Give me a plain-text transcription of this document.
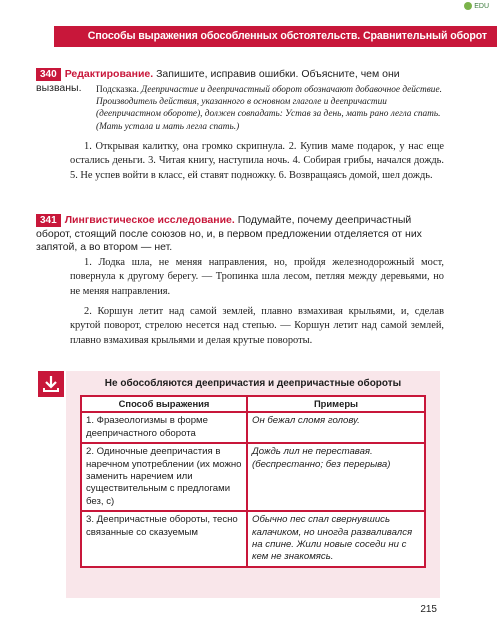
EDU
Способы выражения обособленных обстоятельств. Сравнительный оборот
340 Редактирование. Запишите, исправив ошибки. Объясните, чем они вызваны.	Подсказка. Деепричастие и деепричастный оборот обозначают добавочное действие. Производитель действия, указанного в основном глаголе и деепричастии (деепричастном обороте), должен совпадать: Устав за день, мать рано легла спать. (Мать устала и мать легла спать.)
1. Открывая калитку, она громко скрипнула. 2. Купив маме подарок, у нас еще остались деньги. 3. Читая книгу, наступила ночь. 4. Собирая грибы, начался дождь. 5. Не успев войти в класс, ей ставят подножку. 6. Возвращаясь домой, шел дождь.
341 Лингвистическое исследование. Подумайте, почему деепричастный оборот, стоящий после союзов но, и, в первом предложении отделяется от них запятой, а во втором — нет.
1. Лодка шла, не меняя направления, но, пройдя железнодорожный мост, повернула к другому берегу. — Тропинка шла лесом, петляя между деревьями, но не меняя направления.
2. Коршун летит над самой землей, плавно взмахивая крыльями, и, сделав крутой поворот, стрелою несется над степью. — Коршун летит над самой землей, плавно взмахивая крыльями и делая крутые повороты.
Не обособляются деепричастия и деепричастные обороты
Способ выражения	Примеры
1. Фразеологизмы в форме деепричастного оборота	Он бежал сломя голову.
2. Одиночные деепричастия в наречном употреблении (их можно заменить наречием или существительным с предлогами без, с)	Дождь лил не переставая. (беспрестанно; без перерыва)
3. Деепричастные обороты, тесно связанные со сказуемым	Обычно пес спал свернувшись калачиком, но иногда разваливался на спине. Жили новые соседи ни с кем не знакомясь.
215
